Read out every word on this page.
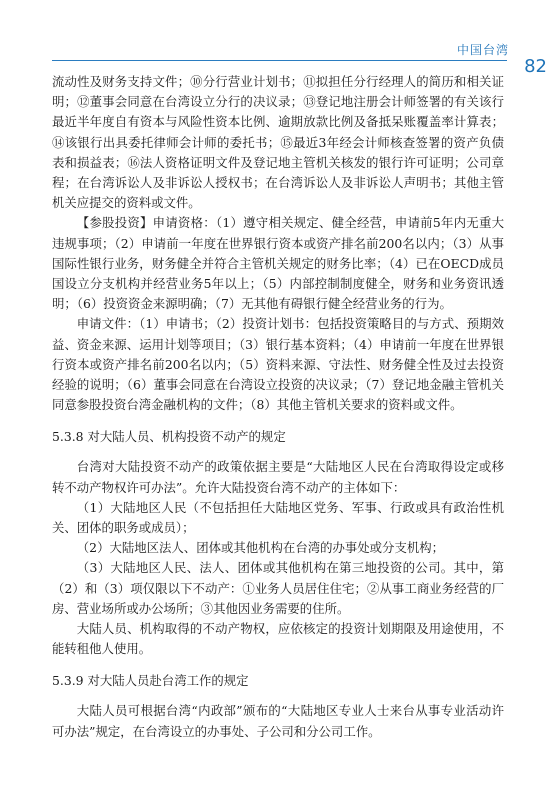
中国台湾
82

流动性及财务支持文件；⑩分行营业计划书；⑪拟担任分行经理人的简历和相关证明；⑫董事会同意在台湾设立分行的决议录；⑬登记地注册会计师签署的有关该行最近半年度自有资本与风险性资本比例、逾期放款比例及备抵呆账覆盖率计算表；⑭该银行出具委托律师会计师的委托书；⑮最近3年经会计师核查签署的资产负债表和损益表；⑯法人资格证明文件及登记地主管机关核发的银行许可证明；公司章程；在台湾诉讼人及非诉讼人授权书；在台湾诉讼人及非诉讼人声明书；其他主管机关应提交的资料或文件。

【参股投资】申请资格：（1）遵守相关规定、健全经营，申请前5年内无重大违规事项；（2）申请前一年度在世界银行资本或资产排名前200名以内；（3）从事国际性银行业务，财务健全并符合主管机关规定的财务比率；（4）已在OECD成员国设立分支机构并经营业务5年以上；（5）内部控制制度健全，财务和业务资讯透明；（6）投资资金来源明确；（7）无其他有碍银行健全经营业务的行为。

申请文件：（1）申请书；（2）投资计划书：包括投资策略目的与方式、预期效益、资金来源、运用计划等项目；（3）银行基本资料；（4）申请前一年度在世界银行资本或资产排名前200名以内；（5）资料来源、守法性、财务健全性及过去投资经验的说明；（6）董事会同意在台湾设立投资的决议录；（7）登记地金融主管机关同意参股投资台湾金融机构的文件；（8）其他主管机关要求的资料或文件。

5.3.8 对大陆人员、机构投资不动产的规定

台湾对大陆投资不动产的政策依据主要是“大陆地区人民在台湾取得设定或移转不动产物权许可办法”。允许大陆投资台湾不动产的主体如下：

（1）大陆地区人民（不包括担任大陆地区党务、军事、行政或具有政治性机关、团体的职务或成员）；

（2）大陆地区法人、团体或其他机构在台湾的办事处或分支机构；

（3）大陆地区人民、法人、团体或其他机构在第三地投资的公司。其中，第（2）和（3）项仅限以下不动产：①业务人员居住住宅；②从事工商业务经营的厂房、营业场所或办公场所；③其他因业务需要的住所。

大陆人员、机构取得的不动产物权，应依核定的投资计划期限及用途使用，不能转租他人使用。

5.3.9 对大陆人员赴台湾工作的规定

大陆人员可根据台湾“内政部”颁布的“大陆地区专业人士来台从事专业活动许可办法”规定，在台湾设立的办事处、子公司和分公司工作。
